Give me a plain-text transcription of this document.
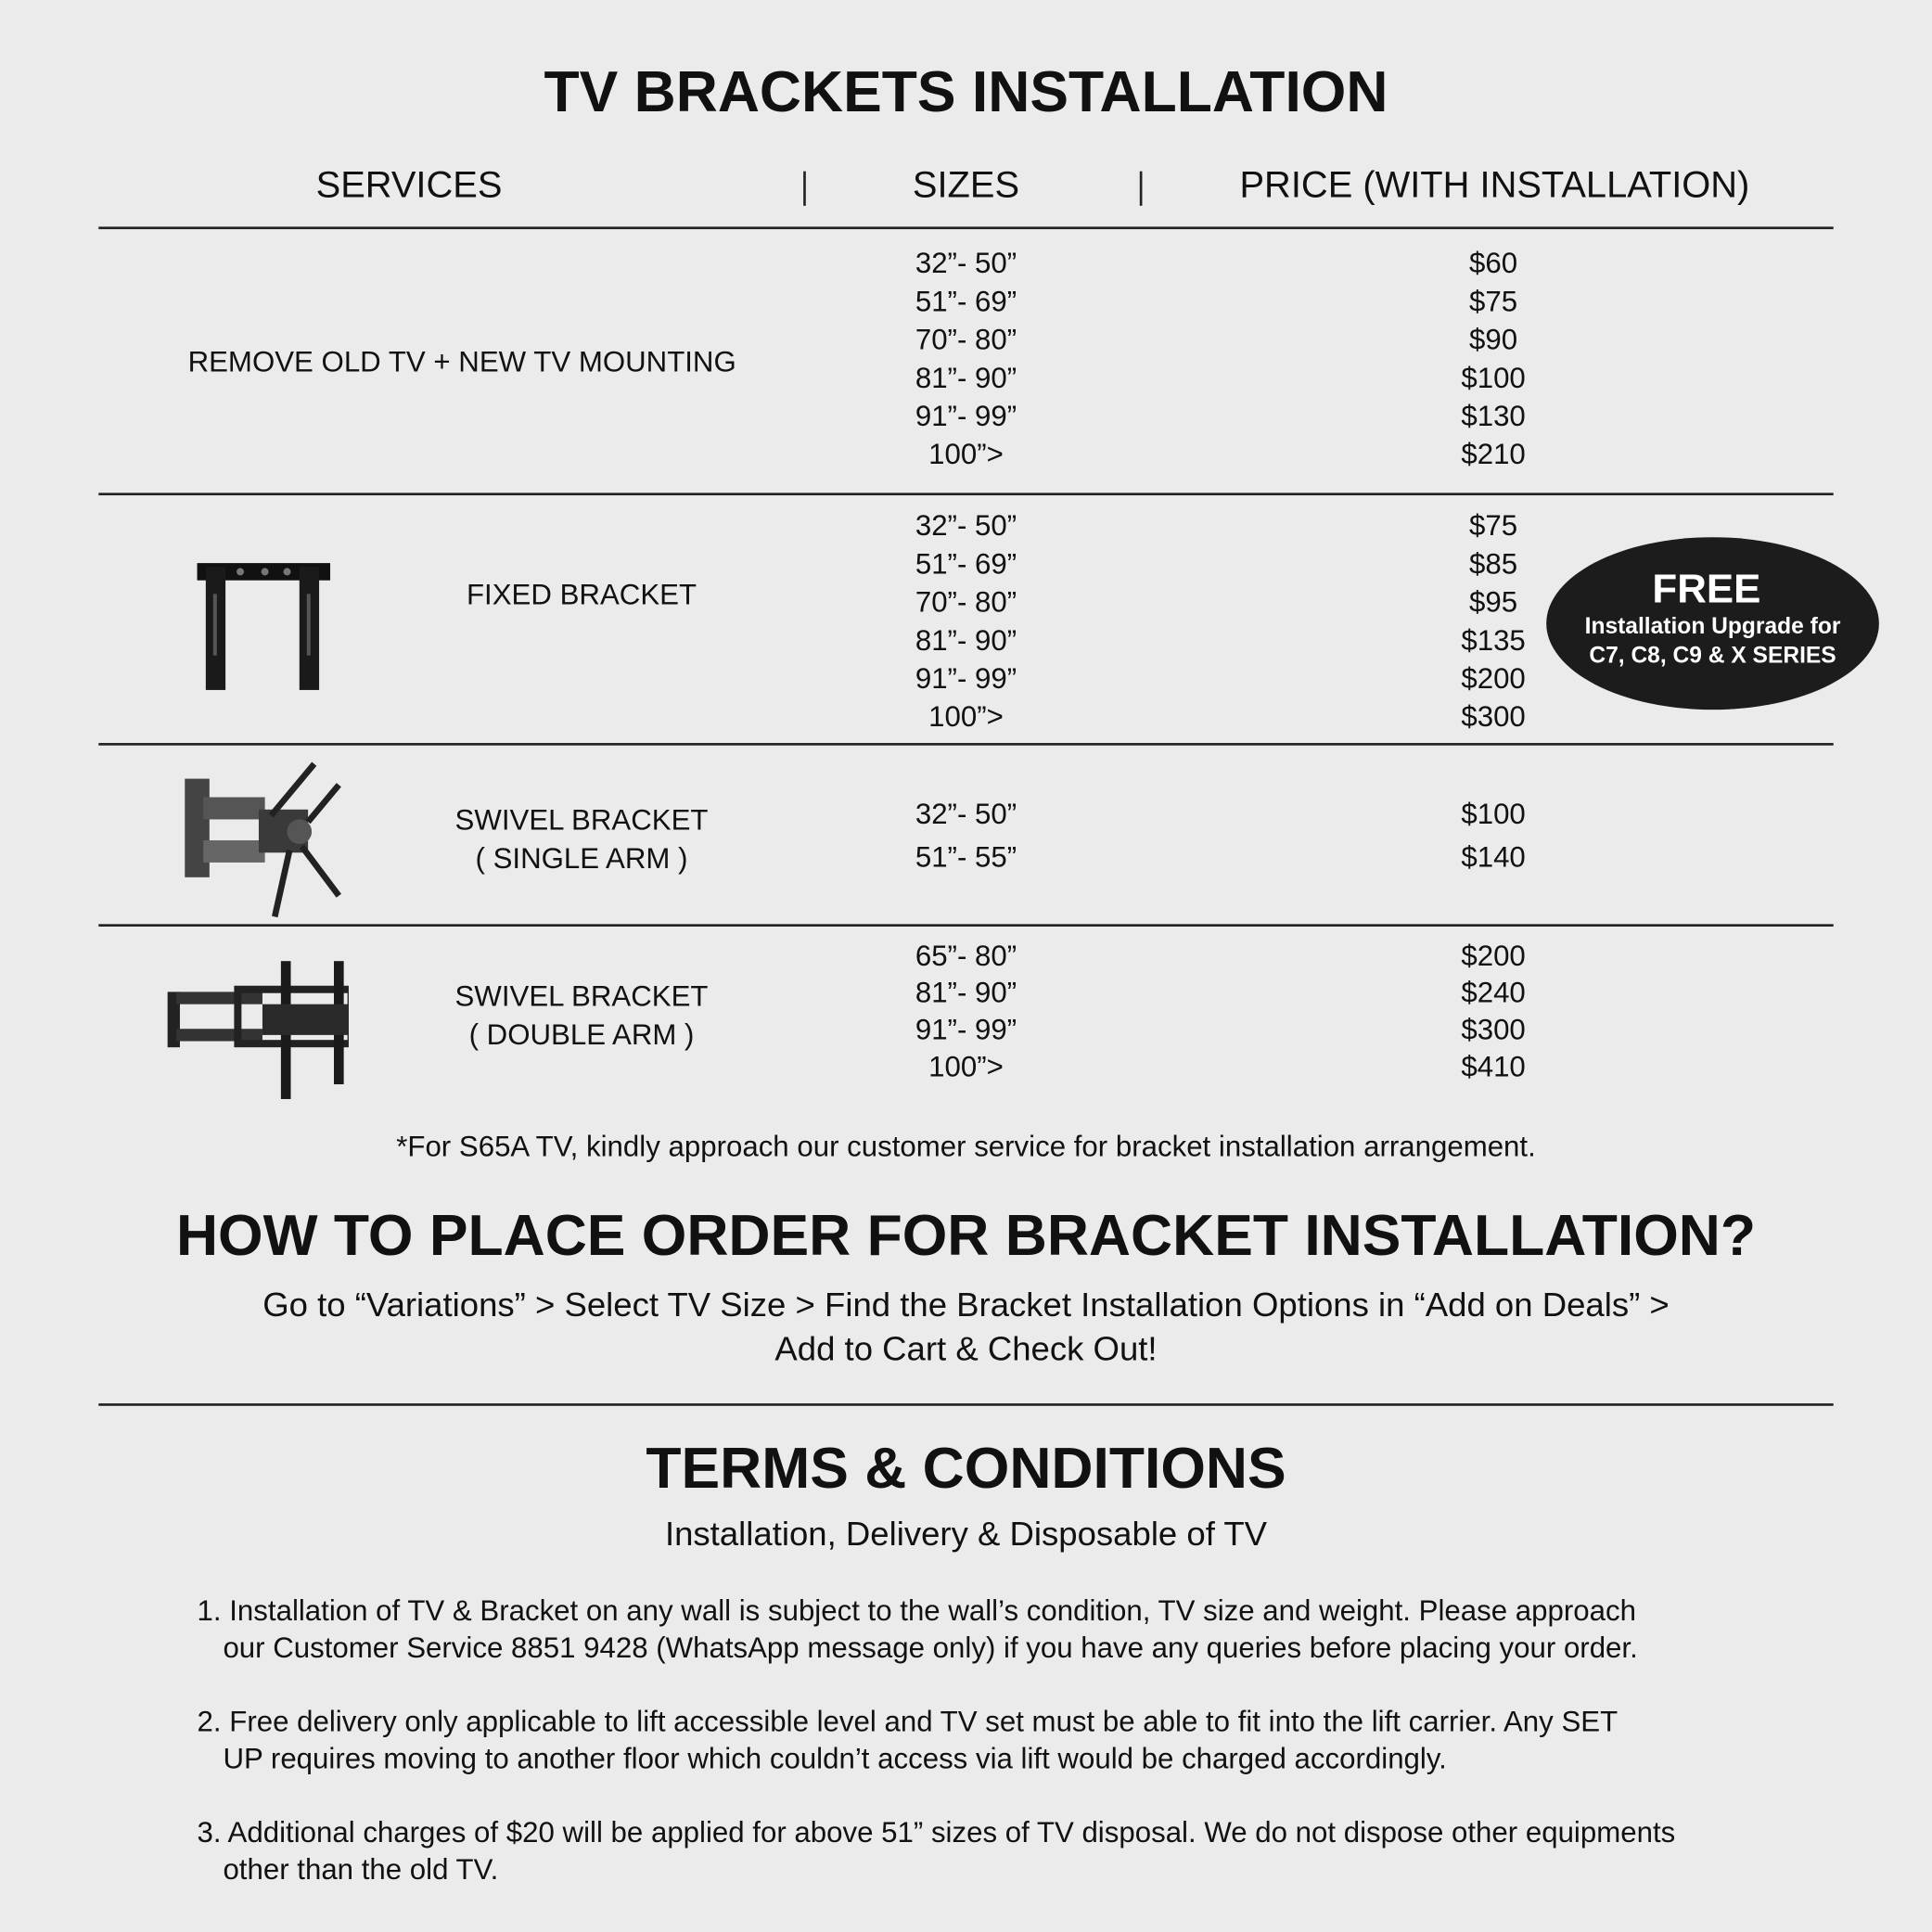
TV BRACKETS INSTALLATION
SERVICES	SIZES	PRICE (WITH INSTALLATION)
REMOVE OLD TV + NEW TV MOUNTING
32”- 50”	$60
51”- 69”	$75
70”- 80”	$90
81”- 90”	$100
91”- 99”	$130
100”>	$210
FIXED BRACKET
32”- 50”	$75
51”- 69”	$85
70”- 80”	$95
81”- 90”	$135
91”- 99”	$200
100”>	$300
SWIVEL BRACKET
( SINGLE ARM )
32”- 50”	$100
51”- 55”	$140
SWIVEL BRACKET
( DOUBLE ARM )
65”- 80”	$200
81”- 90”	$240
91”- 99”	$300
100”>	$410
FREE
Installation Upgrade for
C7, C8, C9 & X SERIES
*For S65A TV, kindly approach our customer service for bracket installation arrangement.
HOW TO PLACE ORDER FOR BRACKET INSTALLATION?
Go to “Variations” > Select TV Size > Find the Bracket Installation Options in “Add on Deals” >
Add to Cart & Check Out!
TERMS & CONDITIONS
Installation, Delivery & Disposable of TV
1. Installation of TV & Bracket on any wall is subject to the wall’s condition, TV size and weight. Please approach
our Customer Service 8851 9428 (WhatsApp message only) if you have any queries before placing your order.
2. Free delivery only applicable to lift accessible level and TV set must be able to fit into the lift carrier. Any SET
UP requires moving to another floor which couldn’t access via lift would be charged accordingly.
3. Additional charges of $20 will be applied for above 51” sizes of TV disposal. We do not dispose other equipments
other than the old TV.
